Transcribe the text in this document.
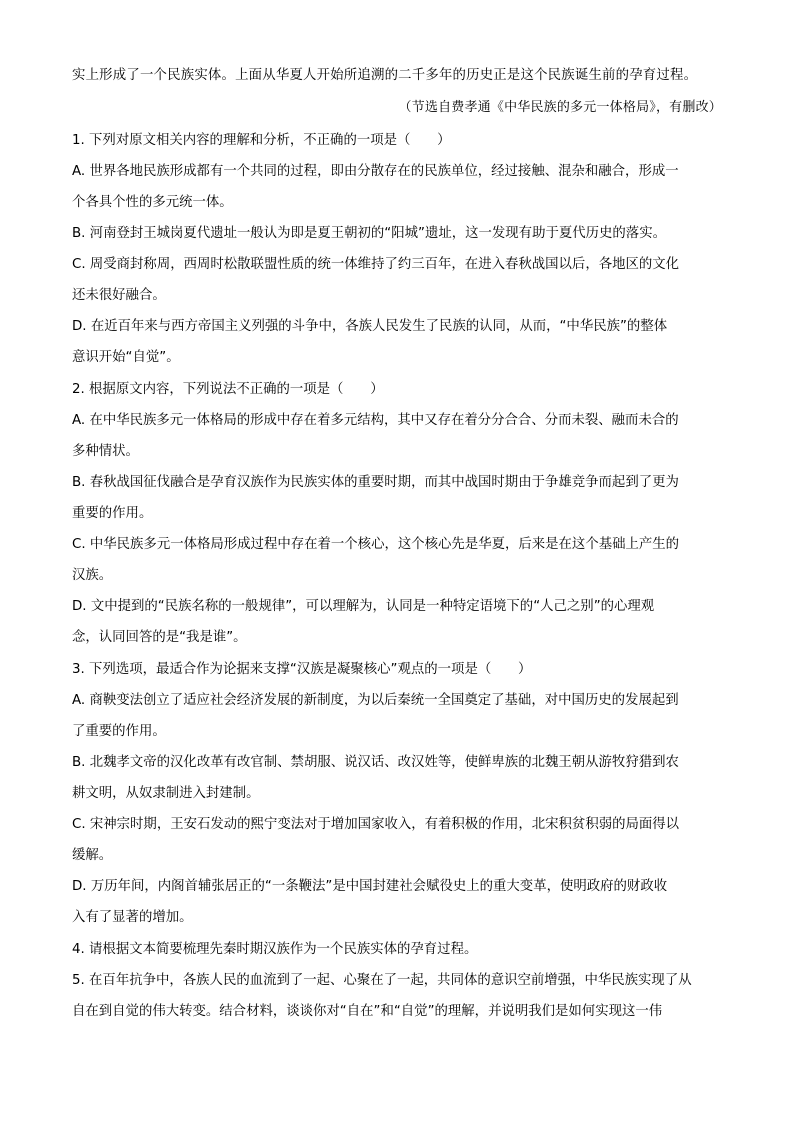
实上形成了一个民族实体。上面从华夏人开始所追溯的二千多年的历史正是这个民族诞生前的孕育过程。
（节选自费孝通《中华民族的多元一体格局》，有删改）
1. 下列对原文相关内容的理解和分析，不正确的一项是（　　）
A. 世界各地民族形成都有一个共同的过程，即由分散存在的民族单位，经过接触、混杂和融合，形成一
个各具个性的多元统一体。
B. 河南登封王城岗夏代遗址一般认为即是夏王朝初的“阳城”遗址，这一发现有助于夏代历史的落实。
C. 周受商封称周，西周时松散联盟性质的统一体维持了约三百年，在进入春秋战国以后，各地区的文化
还未很好融合。
D. 在近百年来与西方帝国主义列强的斗争中，各族人民发生了民族的认同，从而，“中华民族”的整体
意识开始“自觉”。
2. 根据原文内容，下列说法不正确的一项是（　　）
A. 在中华民族多元一体格局的形成中存在着多元结构，其中又存在着分分合合、分而未裂、融而未合的
多种情状。
B. 春秋战国征伐融合是孕育汉族作为民族实体的重要时期，而其中战国时期由于争雄竞争而起到了更为
重要的作用。
C. 中华民族多元一体格局形成过程中存在着一个核心，这个核心先是华夏，后来是在这个基础上产生的
汉族。
D. 文中提到的“民族名称的一般规律”，可以理解为，认同是一种特定语境下的“人己之别”的心理观
念，认同回答的是“我是谁”。
3. 下列选项，最适合作为论据来支撑“汉族是凝聚核心”观点的一项是（　　）
A. 商鞅变法创立了适应社会经济发展的新制度，为以后秦统一全国奠定了基础，对中国历史的发展起到
了重要的作用。
B. 北魏孝文帝的汉化改革有改官制、禁胡服、说汉话、改汉姓等，使鲜卑族的北魏王朝从游牧狩猎到农
耕文明，从奴隶制进入封建制。
C. 宋神宗时期，王安石发动的熙宁变法对于增加国家收入，有着积极的作用，北宋积贫积弱的局面得以
缓解。
D. 万历年间，内阁首辅张居正的“一条鞭法”是中国封建社会赋役史上的重大变革，使明政府的财政收
入有了显著的增加。
4. 请根据文本简要梳理先秦时期汉族作为一个民族实体的孕育过程。
5. 在百年抗争中，各族人民的血流到了一起、心聚在了一起，共同体的意识空前增强，中华民族实现了从
自在到自觉的伟大转变。结合材料，谈谈你对“自在”和“自觉”的理解，并说明我们是如何实现这一伟
